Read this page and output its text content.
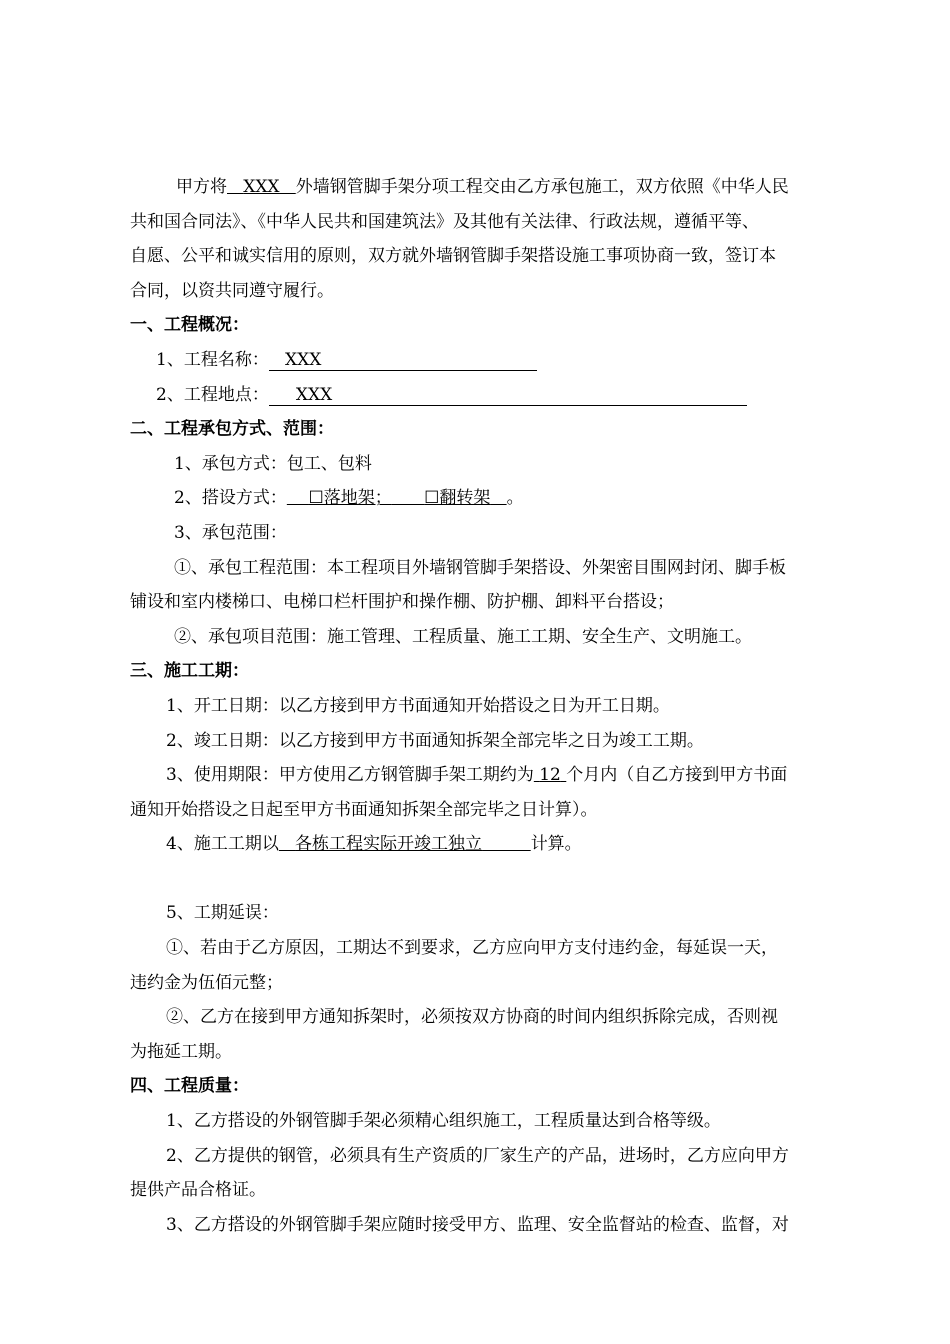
甲方将 XXX 外墙钢管脚手架分项工程交由乙方承包施工，双方依照《中华人民
共和国合同法》、《中华人民共和国建筑法》及其他有关法律、行政法规，遵循平等、
自愿、公平和诚实信用的原则，双方就外墙钢管脚手架搭设施工事项协商一致，签订本
合同，以资共同遵守履行。
一、工程概况：
1、工程名称： XXX
2、工程地点： XXX
二、工程承包方式、范围：
1、承包方式：包工、包料
2、搭设方式： ☐落地架； ☐翻转架 。
3、承包范围：
①、承包工程范围：本工程项目外墙钢管脚手架搭设、外架密目围网封闭、脚手板
铺设和室内楼梯口、电梯口栏杆围护和操作棚、防护棚、卸料平台搭设；
②、承包项目范围：施工管理、工程质量、施工工期、安全生产、文明施工。
三、施工工期：
1、开工日期：以乙方接到甲方书面通知开始搭设之日为开工日期。
2、竣工日期：以乙方接到甲方书面通知拆架全部完毕之日为竣工工期。
3、使用期限：甲方使用乙方钢管脚手架工期约为 12 个月内（自乙方接到甲方书面
通知开始搭设之日起至甲方书面通知拆架全部完毕之日计算）。
4、施工工期以 各栋工程实际开竣工独立	计算。
5、工期延误：
①、若由于乙方原因，工期达不到要求，乙方应向甲方支付违约金，每延误一天，
违约金为伍佰元整；
②、乙方在接到甲方通知拆架时，必须按双方协商的时间内组织拆除完成，否则视
为拖延工期。
四、工程质量：
1、乙方搭设的外钢管脚手架必须精心组织施工，工程质量达到合格等级。
2、乙方提供的钢管，必须具有生产资质的厂家生产的产品，进场时，乙方应向甲方
提供产品合格证。
3、乙方搭设的外钢管脚手架应随时接受甲方、监理、安全监督站的检查、监督，对
